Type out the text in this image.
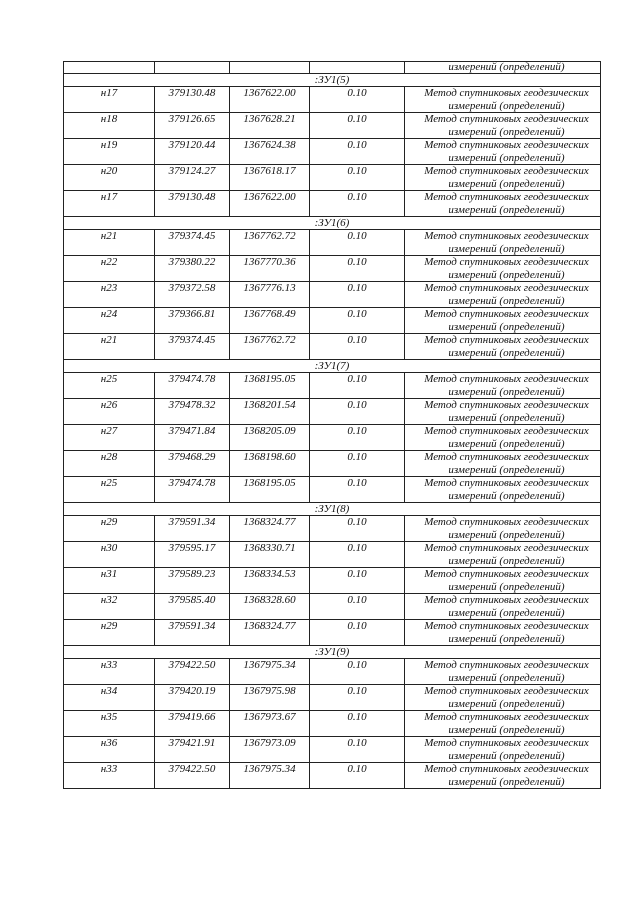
				измерений (определений)
:ЗУ1(5)				
н17	379130.48	1367622.00	0.10	Метод спутниковых геодезических
измерений (определений)

н18	379126.65	1367628.21	0.10	Метод спутниковых геодезических
измерений (определений)

н19	379120.44	1367624.38	0.10	Метод спутниковых геодезических
измерений (определений)

н20	379124.27	1367618.17	0.10	Метод спутниковых геодезических
измерений (определений)

н17	379130.48	1367622.00	0.10	Метод спутниковых геодезических
измерений (определений)

:ЗУ1(6)				
н21	379374.45	1367762.72	0.10	Метод спутниковых геодезических
измерений (определений)

н22	379380.22	1367770.36	0.10	Метод спутниковых геодезических
измерений (определений)

н23	379372.58	1367776.13	0.10	Метод спутниковых геодезических
измерений (определений)

н24	379366.81	1367768.49	0.10	Метод спутниковых геодезических
измерений (определений)

н21	379374.45	1367762.72	0.10	Метод спутниковых геодезических
измерений (определений)

:ЗУ1(7)				
н25	379474.78	1368195.05	0.10	Метод спутниковых геодезических
измерений (определений)

н26	379478.32	1368201.54	0.10	Метод спутниковых геодезических
измерений (определений)

н27	379471.84	1368205.09	0.10	Метод спутниковых геодезических
измерений (определений)

н28	379468.29	1368198.60	0.10	Метод спутниковых геодезических
измерений (определений)

н25	379474.78	1368195.05	0.10	Метод спутниковых геодезических
измерений (определений)

:ЗУ1(8)				
н29	379591.34	1368324.77	0.10	Метод спутниковых геодезических
измерений (определений)

н30	379595.17	1368330.71	0.10	Метод спутниковых геодезических
измерений (определений)

н31	379589.23	1368334.53	0.10	Метод спутниковых геодезических
измерений (определений)

н32	379585.40	1368328.60	0.10	Метод спутниковых геодезических
измерений (определений)

н29	379591.34	1368324.77	0.10	Метод спутниковых геодезических
измерений (определений)

:ЗУ1(9)				
н33	379422.50	1367975.34	0.10	Метод спутниковых геодезических
измерений (определений)

н34	379420.19	1367975.98	0.10	Метод спутниковых геодезических
измерений (определений)

н35	379419.66	1367973.67	0.10	Метод спутниковых геодезических
измерений (определений)

н36	379421.91	1367973.09	0.10	Метод спутниковых геодезических
измерений (определений)

н33	379422.50	1367975.34	0.10	Метод спутниковых геодезических
измерений (определений)
